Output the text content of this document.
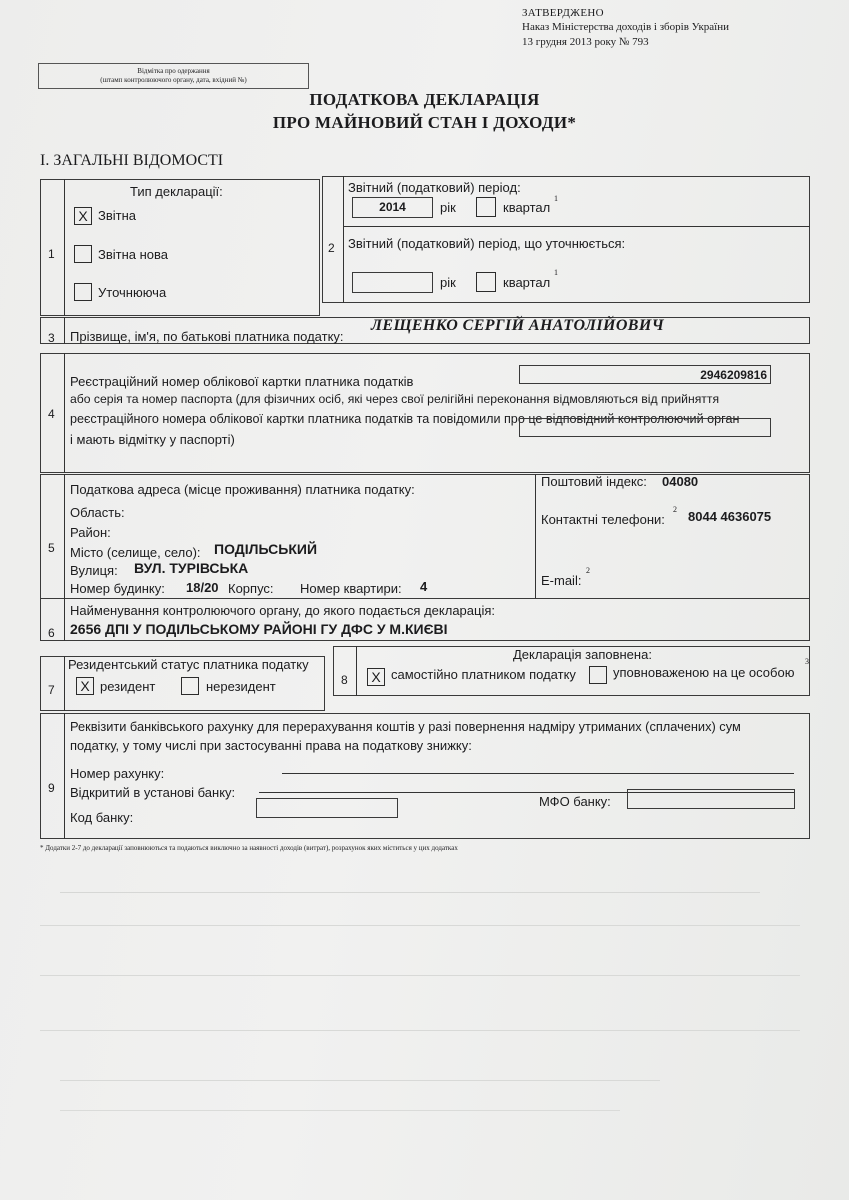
ЗАТВЕРДЖЕНО
Наказ Міністерства доходів і зборів України
13 грудня 2013 року № 793
Відмітка про одержання
(штамп контролюючого органу, дата, вхідний №)
ПОДАТКОВА ДЕКЛАРАЦІЯ
ПРО МАЙНОВИЙ СТАН І ДОХОДИ*
І. ЗАГАЛЬНІ ВІДОМОСТІ
1
Тип декларації:
X Звітна
Звітна нова
Уточнююча
2
Звітний (податковий) період:
2014	рік	квартал
1
Звітний (податковий) період, що уточнюється:
рік	квартал
1
3 Прізвище, ім'я, по батькові платника податку:
ЛЕЩЕНКО СЕРГІЙ АНАТОЛІЙОВИЧ
4
Реєстраційний номер облікової картки платника податків
або серія та номер паспорта (для фізичних осіб, які через свої релігійні переконання відмовляються від прийняття
реєстраційного номера облікової картки платника податків та повідомили про це відповідний контролюючий орган
і мають відмітку у паспорті)
2946209816
5
Податкова адреса (місце проживання) платника податку:
Область:
Район:
Місто (селище, село): ПОДІЛЬСЬКИЙ
Вулиця: ВУЛ. ТУРІВСЬКА
Номер будинку: 18/20 Корпус: Номер квартири: 4
Поштовий індекс: 04080
Контактні телефони:
2 8044 4636075
E-mail:
2
6
Найменування контролюючого органу, до якого подається декларація:
2656 ДПІ У ПОДІЛЬСЬКОМУ РАЙОНІ ГУ ДФС У М.КИЄВІ
7
Резидентський статус платника податку
X резидент	нерезидент	8
Декларація заповнена:
X самостійно платником податку	уповноваженою на це особою
3
9
Реквізити банківського рахунку для перерахування коштів у разі повернення надміру утриманих (сплачених) сум
податку, у тому числі при застосуванні права на податкову знижку:
Номер рахунку:
Відкритий в установі банку:
Код банку:
МФО банку:
* Додатки 2-7 до декларації заповнюються та подаються виключно за наявності доходів (витрат), розрахунок яких міститься у цих додатках
